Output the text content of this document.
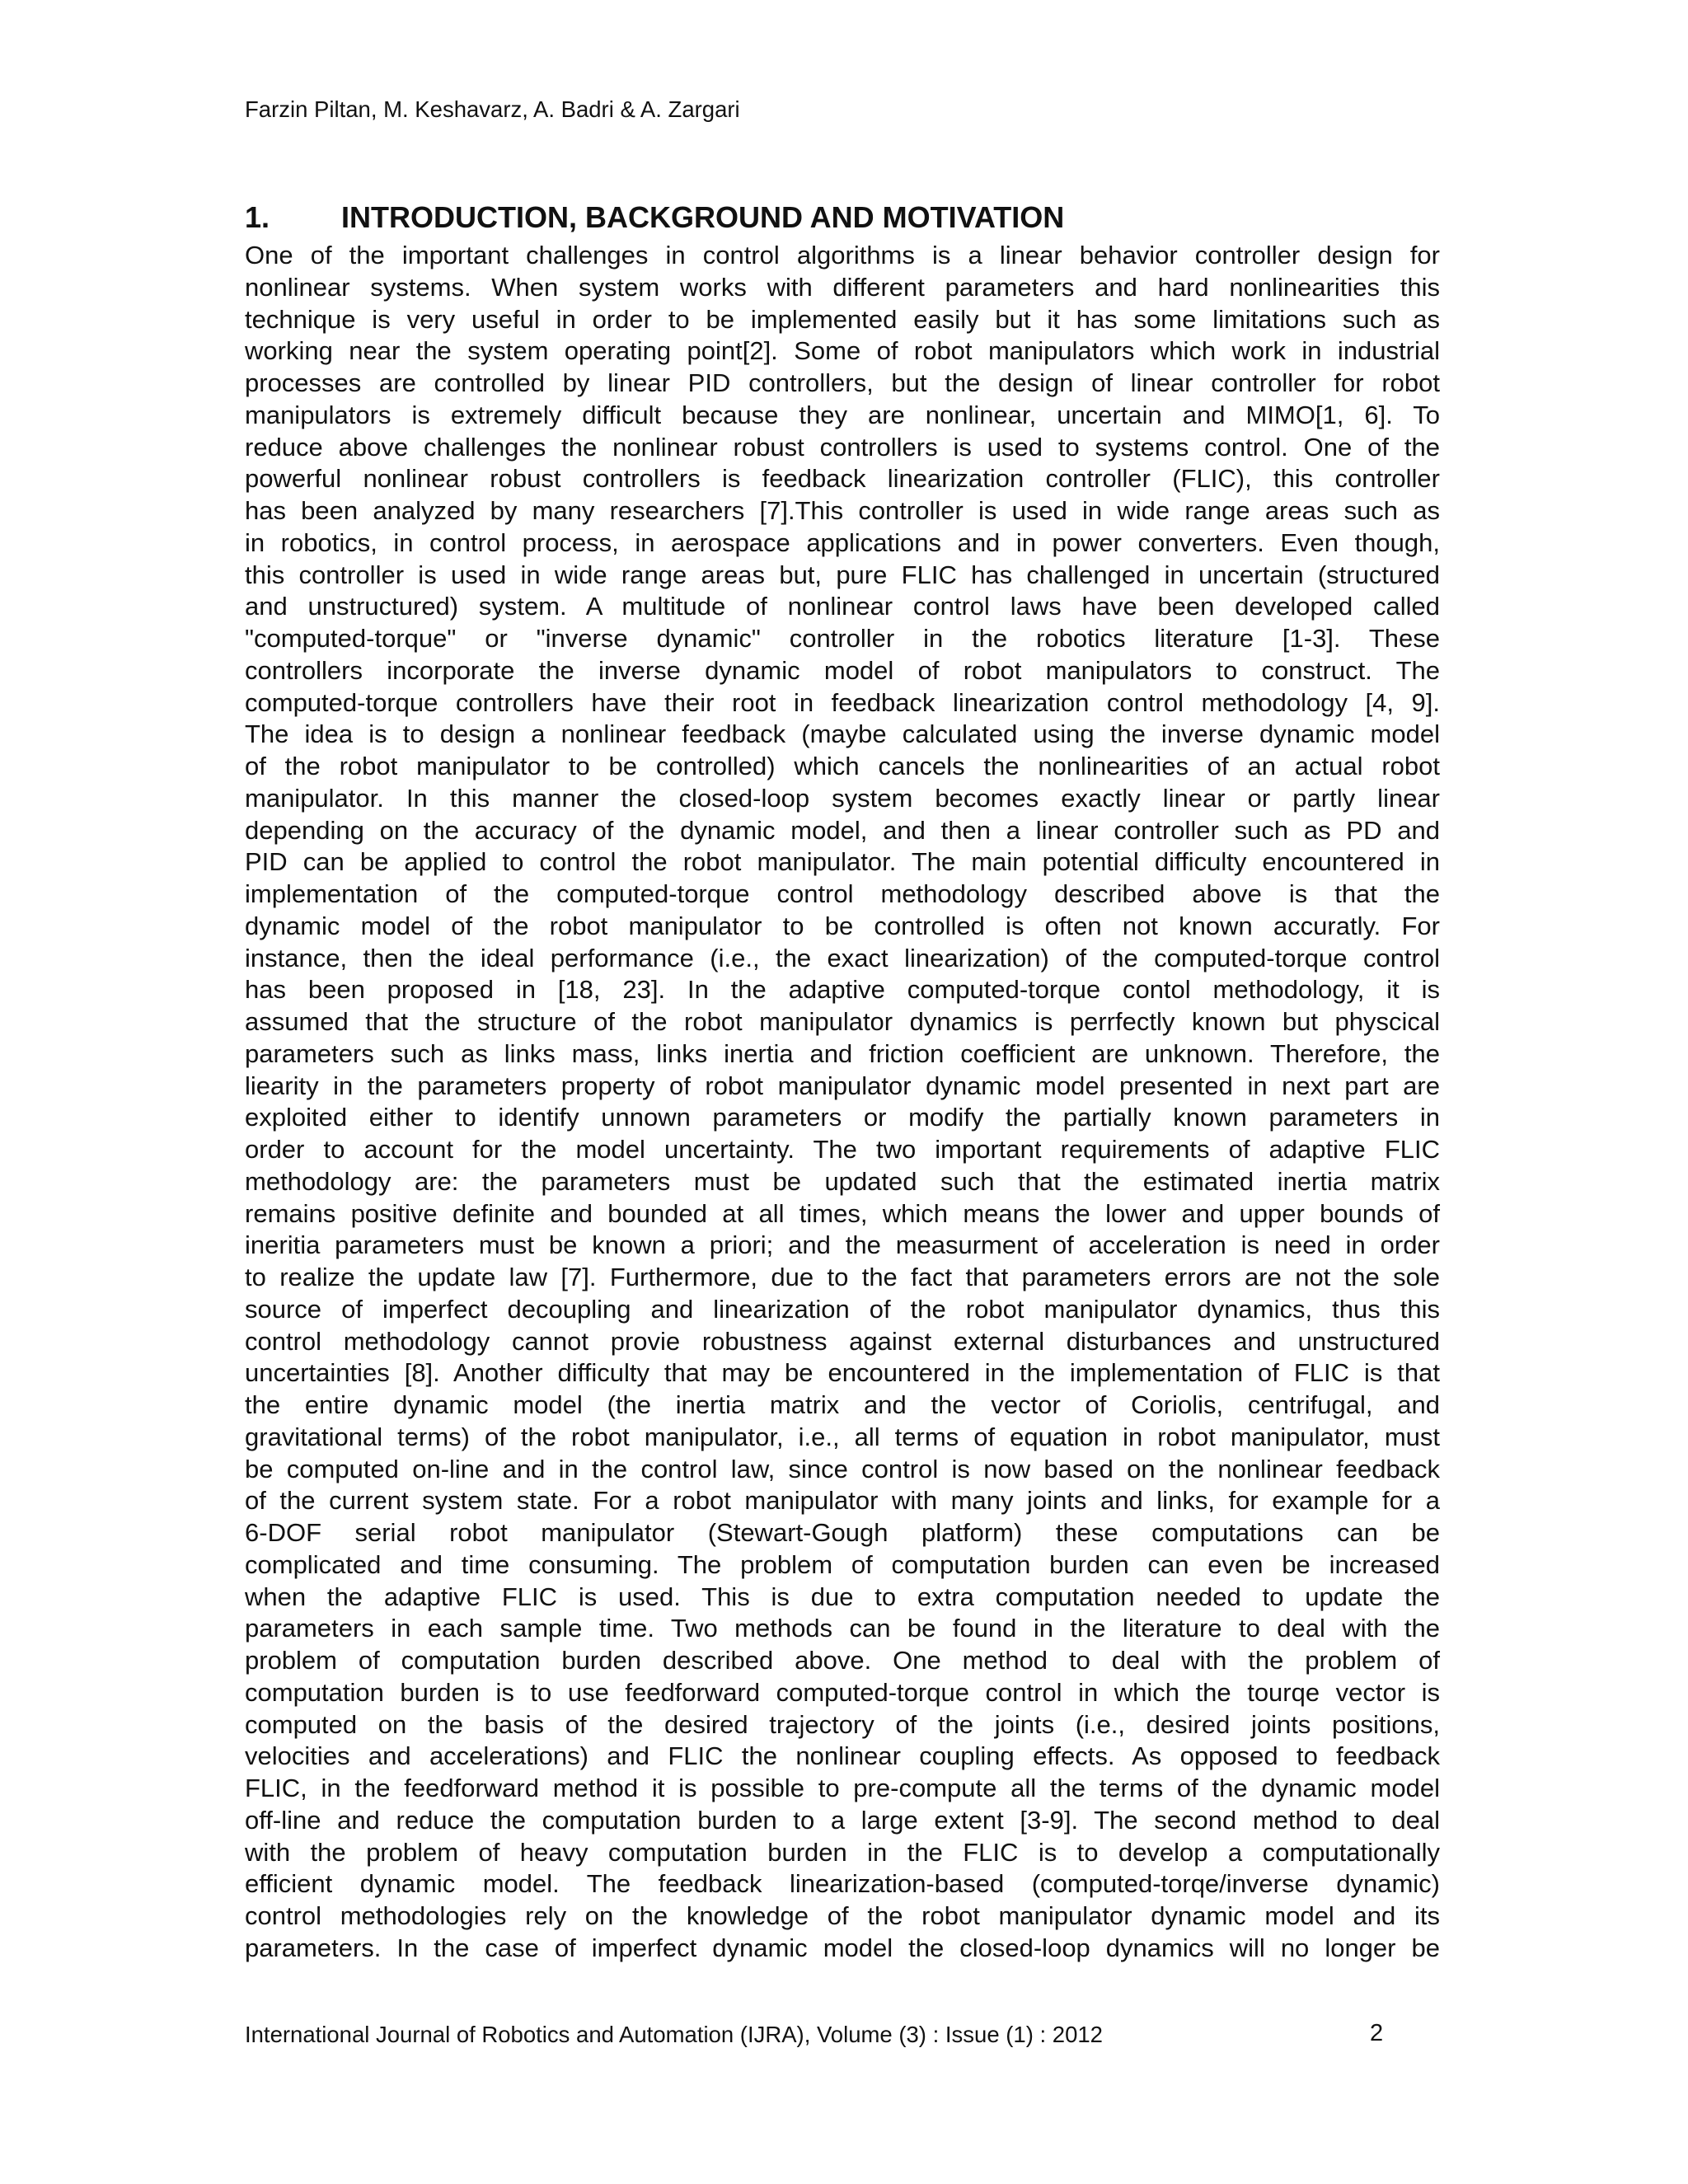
Farzin Piltan, M. Keshavarz, A. Badri & A. Zargari
1. INTRODUCTION, BACKGROUND AND MOTIVATION
One of the important challenges in control algorithms is a linear behavior controller design for
nonlinear systems. When system works with different parameters and hard nonlinearities this
technique is very useful in order to be implemented easily but it has some limitations such as
working near the system operating point[2]. Some of robot manipulators which work in industrial
processes are controlled by linear PID controllers, but the design of linear controller for robot
manipulators is extremely difficult because they are nonlinear, uncertain and MIMO[1, 6]. To
reduce above challenges the nonlinear robust controllers is used to systems control. One of the
powerful nonlinear robust controllers is feedback linearization controller (FLIC), this controller
has been analyzed by many researchers [7].This controller is used in wide range areas such as
in robotics, in control process, in aerospace applications and in power converters. Even though,
this controller is used in wide range areas but, pure FLIC has challenged in uncertain (structured
and unstructured) system. A multitude of nonlinear control laws have been developed called
"computed-torque" or "inverse dynamic" controller in the robotics literature [1-3]. These
controllers incorporate the inverse dynamic model of robot manipulators to construct. The
computed-torque controllers have their root in feedback linearization control methodology [4, 9].
The idea is to design a nonlinear feedback (maybe calculated using the inverse dynamic model
of the robot manipulator to be controlled) which cancels the nonlinearities of an actual robot
manipulator. In this manner the closed-loop system becomes exactly linear or partly linear
depending on the accuracy of the dynamic model, and then a linear controller such as PD and
PID can be applied to control the robot manipulator. The main potential difficulty encountered in
implementation of the computed-torque control methodology described above is that the
dynamic model of the robot manipulator to be controlled is often not known accuratly. For
instance, then the ideal performance (i.e., the exact linearization) of the computed-torque control
has been proposed in [18, 23]. In the adaptive computed-torque contol methodology, it is
assumed that the structure of the robot manipulator dynamics is perrfectly known but physcical
parameters such as links mass, links inertia and friction coefficient are unknown. Therefore, the
liearity in the parameters property of robot manipulator dynamic model presented in next part are
exploited either to identify unnown parameters or modify the partially known parameters in
order to account for the model uncertainty. The two important requirements of adaptive FLIC
methodology are: the parameters must be updated such that the estimated inertia matrix
remains positive definite and bounded at all times, which means the lower and upper bounds of
ineritia parameters must be known a priori; and the measurment of acceleration is need in order
to realize the update law [7]. Furthermore, due to the fact that parameters errors are not the sole
source of imperfect decoupling and linearization of the robot manipulator dynamics, thus this
control methodology cannot provie robustness against external disturbances and unstructured
uncertainties [8]. Another difficulty that may be encountered in the implementation of FLIC is that
the entire dynamic model (the inertia matrix and the vector of Coriolis, centrifugal, and
gravitational terms) of the robot manipulator, i.e., all terms of equation in robot manipulator, must
be computed on-line and in the control law, since control is now based on the nonlinear feedback
of the current system state. For a robot manipulator with many joints and links, for example for a
6-DOF serial robot manipulator (Stewart-Gough platform) these computations can be
complicated and time consuming. The problem of computation burden can even be increased
when the adaptive FLIC is used. This is due to extra computation needed to update the
parameters in each sample time. Two methods can be found in the literature to deal with the
problem of computation burden described above. One method to deal with the problem of
computation burden is to use feedforward computed-torque control in which the tourqe vector is
computed on the basis of the desired trajectory of the joints (i.e., desired joints positions,
velocities and accelerations) and FLIC the nonlinear coupling effects. As opposed to feedback
FLIC, in the feedforward method it is possible to pre-compute all the terms of the dynamic model
off-line and reduce the computation burden to a large extent [3-9]. The second method to deal
with the problem of heavy computation burden in the FLIC is to develop a computationally
efficient dynamic model. The feedback linearization-based (computed-torqe/inverse dynamic)
control methodologies rely on the knowledge of the robot manipulator dynamic model and its
parameters. In the case of imperfect dynamic model the closed-loop dynamics will no longer be
International Journal of Robotics and Automation (IJRA), Volume (3) : Issue (1) : 2012	2
